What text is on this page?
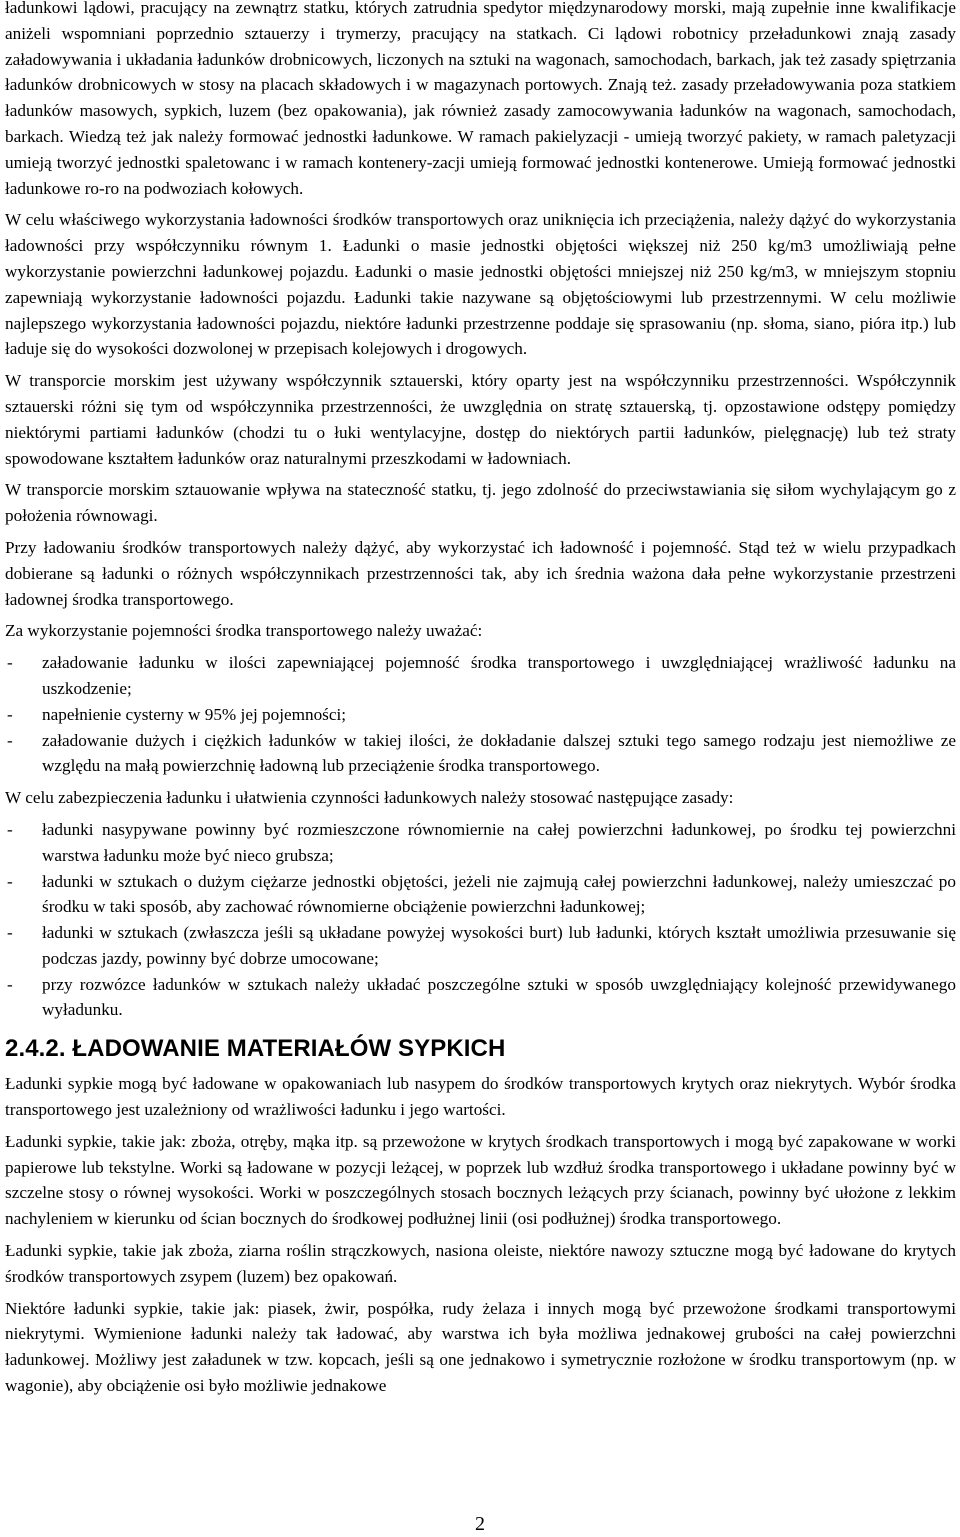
ładunkowi lądowi, pracujący na zewnątrz statku, których zatrudnia spedytor międzynarodowy morski, mają zupełnie inne kwalifikacje aniżeli wspomniani poprzednio sztauerzy i trymerzy, pracujący na statkach. Ci lądowi robotnicy przeładunkowi znają zasady załadowywania i układania ładunków drobnicowych, liczonych na sztuki na wagonach, samochodach, barkach, jak też zasady spiętrzania ładunków drobnicowych w stosy na placach składowych i w magazynach portowych. Znają też. zasady przeładowywania poza statkiem ładunków masowych, sypkich, luzem (bez opakowania), jak również zasady zamocowywania ładunków na wagonach, samochodach, barkach. Wiedzą też jak należy formować jednostki ładunkowe. W ramach pakielyzacji - umieją tworzyć pakiety, w ramach paletyzacji umieją tworzyć jednostki spaletowanc i w ramach kontenery-zacji umieją formować jednostki kontenerowe. Umieją formować jednostki ładunkowe ro-ro na podwoziach kołowych.

W celu właściwego wykorzystania ładowności środków transportowych oraz uniknięcia ich przeciążenia, należy dążyć do wykorzystania ładowności przy współczynniku równym 1. Ładunki o masie jednostki objętości większej niż 250 kg/m3 umożliwiają pełne wykorzystanie powierzchni ładunkowej pojazdu. Ładunki o masie jednostki objętości mniejszej niż 250 kg/m3, w mniejszym stopniu zapewniają wykorzystanie ładowności pojazdu. Ładunki takie nazywane są objętościowymi lub przestrzennymi. W celu możliwie najlepszego wykorzystania ładowności pojazdu, niektóre ładunki przestrzenne poddaje się sprasowaniu (np. słoma, siano, pióra itp.) lub ładuje się do wysokości dozwolonej w przepisach kolejowych i drogowych.

W transporcie morskim jest używany współczynnik sztauerski, który oparty jest na współczynniku przestrzenności. Współczynnik sztauerski różni się tym od współczynnika przestrzenności, że uwzględnia on stratę sztauerską, tj. opzostawione odstępy pomiędzy niektórymi partiami ładunków (chodzi tu o łuki wentylacyjne, dostęp do niektórych partii ładunków, pielęgnację) lub też straty spowodowane kształtem ładunków oraz naturalnymi przeszkodami w ładowniach.

W transporcie morskim sztauowanie wpływa na stateczność statku, tj. jego zdolność do przeciwstawiania się siłom wychylającym go z położenia równowagi.

Przy ładowaniu środków transportowych należy dążyć, aby wykorzystać ich ładowność i pojemność. Stąd też w wielu przypadkach dobierane są ładunki o różnych współczynnikach przestrzenności tak, aby ich średnia ważona dała pełne wykorzystanie przestrzeni ładownej środka transportowego.

Za wykorzystanie pojemności środka transportowego należy uważać:

- załadowanie ładunku w ilości zapewniającej pojemność środka transportowego i uwzględniającej wrażliwość ładunku na uszkodzenie;
- napełnienie cysterny w 95% jej pojemności;
- załadowanie dużych i ciężkich ładunków w takiej ilości, że dokładanie dalszej sztuki tego samego rodzaju jest niemożliwe ze względu na małą powierzchnię ładowną lub przeciążenie środka transportowego.

W celu zabezpieczenia ładunku i ułatwienia czynności ładunkowych należy stosować następujące zasady:

- ładunki nasypywane powinny być rozmieszczone równomiernie na całej powierzchni ładunkowej, po środku tej powierzchni warstwa ładunku może być nieco grubsza;
- ładunki w sztukach o dużym ciężarze jednostki objętości, jeżeli nie zajmują całej powierzchni ładunkowej, należy umieszczać po środku w taki sposób, aby zachować równomierne obciążenie powierzchni ładunkowej;
- ładunki w sztukach (zwłaszcza jeśli są układane powyżej wysokości burt) lub ładunki, których kształt umożliwia przesuwanie się podczas jazdy, powinny być dobrze umocowane;
- przy rozwózce ładunków w sztukach należy układać poszczególne sztuki w sposób uwzględniający kolejność przewidywanego wyładunku.
2.4.2. ŁADOWANIE MATERIAŁÓW SYPKICH

Ładunki sypkie mogą być ładowane w opakowaniach lub nasypem do środków transportowych krytych oraz niekrytych. Wybór środka transportowego jest uzależniony od wrażliwości ładunku i jego wartości.

Ładunki sypkie, takie jak: zboża, otręby, mąka itp. są przewożone w krytych środkach transportowych i mogą być zapakowane w worki papierowe lub tekstylne. Worki są ładowane w pozycji leżącej, w poprzek lub wzdłuż środka transportowego i układane powinny być w szczelne stosy o równej wysokości. Worki w poszczególnych stosach bocznych leżących przy ścianach, powinny być ułożone z lekkim nachyleniem w kierunku od ścian bocznych do środkowej podłużnej linii (osi podłużnej) środka transportowego.

Ładunki sypkie, takie jak zboża, ziarna roślin strączkowych, nasiona oleiste, niektóre nawozy sztuczne mogą być ładowane do krytych środków transportowych zsypem (luzem) bez opakowań.

Niektóre ładunki sypkie, takie jak: piasek, żwir, pospółka, rudy żelaza i innych mogą być przewożone środkami transportowymi niekrytymi. Wymienione ładunki należy tak ładować, aby warstwa ich była możliwa jednakowej grubości na całej powierzchni ładunkowej. Możliwy jest załadunek w tzw. kopcach, jeśli są one jednakowo i symetrycznie rozłożone w środku transportowym (np. w wagonie), aby obciążenie osi było możliwie jednakowe

2
